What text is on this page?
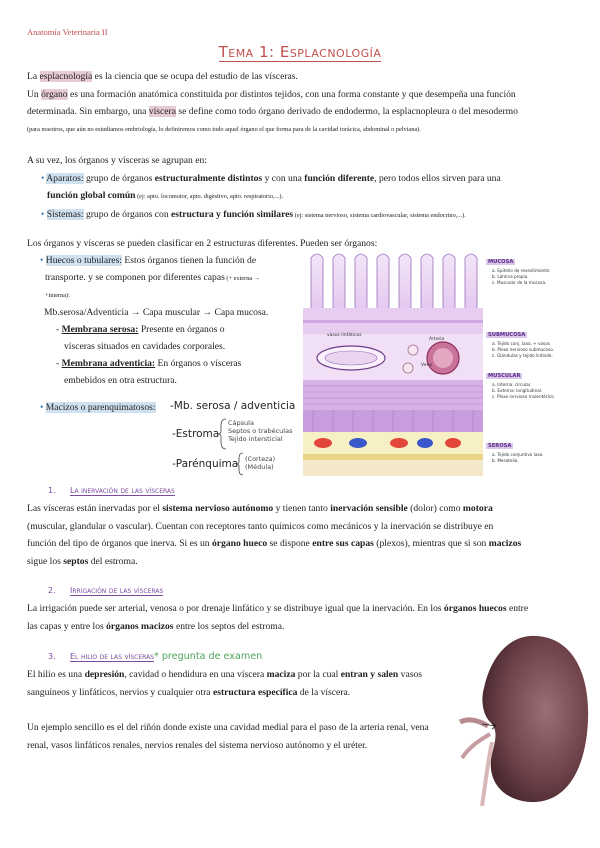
Anatomía Veterinaria II
Tema 1: Esplacnología
La esplacnología es la ciencia que se ocupa del estudio de las vísceras.
Un órgano es una formación anatómica constituida por distintos tejidos, con una forma constante y que desempeña una función
determinada. Sin embargo, una víscera se define como todo órgano derivado de endodermo, la esplacnopleura o del mesodermo
(para nosotros, que aún no estudiamos embriología, lo definiremos como todo aquel órgano el que forma para de la cavidad torácica, abdominal o pelviana).
A su vez, los órganos y vísceras se agrupan en:
• Aparatos: grupo de órganos estructuralmente distintos y con una función diferente, pero todos ellos sirven para una
función global común (ej: apto. locomotor, apto. digestivo, apto. respiratorio,...).
• Sistemas: grupo de órganos con estructura y función similares (ej: sistema nervioso, sistema cardiovascular, sistema endocrino,...).
Los órganos y vísceras se pueden clasificar en 2 estructuras diferentes. Pueden ser órganos:
• Huecos o tubulares: Estos órganos tienen la función de
transporte. y se componen por diferentes capas (+ externa →
+interna):
Mb.serosa/Adventicia → Capa muscular → Capa mucosa.
- Membrana serosa: Presente en órganos o
vísceras situados en cavidades corporales.
- Membrana adventicia: En órganos o vísceras
embebidos en otra estructura.
• Macizos o parenquimatosos: -Mb. serosa / adventicia
-Estroma
Cápsula
Septos o trabéculas
Tejido intersticial
-Parénquima (Corteza)
(Médula)
vasos linfáticos
Arteria
Vena
MUCOSA
a. Epitelio de revestimiento
b. Lámina propia.
c. Muscular de la mucosa.
SUBMUCOSA
a. Tejido conj. laxo, + vasos
b. Plexo nervioso submucoso.
c. Glándulas y tejido linfoide.
MUSCULAR
a. Interna: circular.
b. Externa: longitudinal.
c. Plexo nervioso mioentérico.
SEROSA
a. Tejido conjuntivo laxo.
b. Mesotelio.
1. La inervación de las vísceras
Las vísceras están inervadas por el sistema nervioso autónomo y tienen tanto inervación sensible (dolor) como motora
(muscular, glandular o vascular). Cuentan con receptores tanto químicos como mecánicos y la inervación se distribuye en
función del tipo de órganos que inerva. Si es un órgano hueco se dispone entre sus capas (plexos), mientras que si son macizos
sigue los septos del estroma.
2. Irrigación de las vísceras
La irrigación puede ser arterial, venosa o por drenaje linfático y se distribuye igual que la inervación. En los órganos huecos entre
las capas y entre los órganos macizos entre los septos del estroma.
3. El hilio de las vísceras* pregunta de examen
El hilio es una depresión, cavidad o hendidura en una víscera maciza por la cual entran y salen vasos
sanguíneos y linfáticos, nervios y cualquier otra estructura específica de la víscera.
Un ejemplo sencillo es el del riñón donde existe una cavidad medial para el paso de la arteria renal, vena
renal, vasos linfáticos renales, nervios renales del sistema nervioso autónomo y el uréter.
